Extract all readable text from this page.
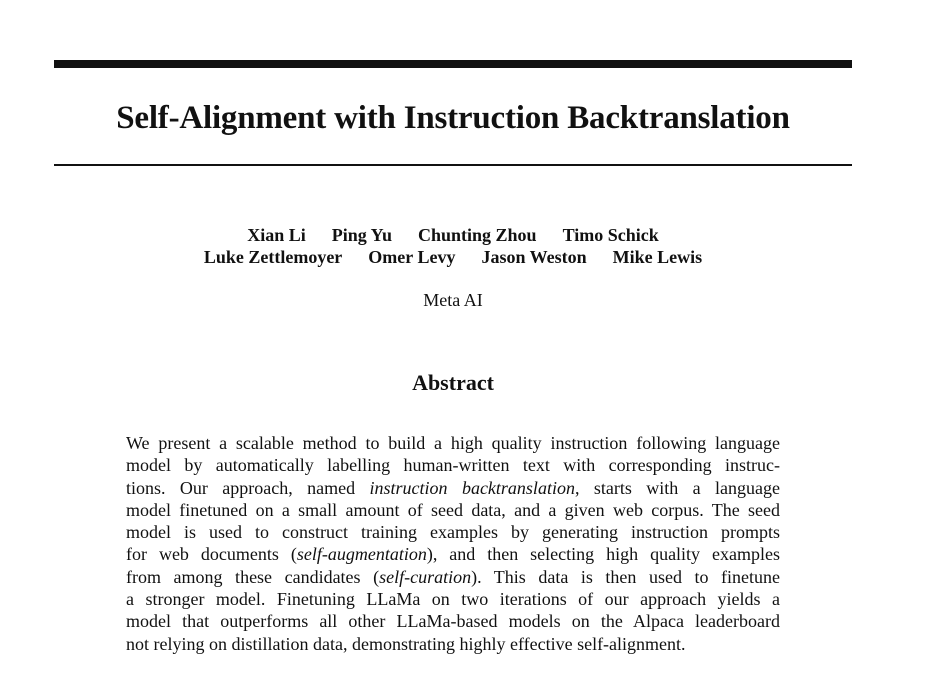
Self-Alignment with Instruction Backtranslation
Xian Li Ping Yu Chunting Zhou Timo Schick
Luke Zettlemoyer Omer Levy Jason Weston Mike Lewis
Meta AI
Abstract
We present a scalable method to build a high quality instruction following language
model by automatically labelling human-written text with corresponding instruc-
tions. Our approach, named instruction backtranslation, starts with a language
model finetuned on a small amount of seed data, and a given web corpus. The seed
model is used to construct training examples by generating instruction prompts
for web documents (self-augmentation), and then selecting high quality examples
from among these candidates (self-curation). This data is then used to finetune
a stronger model. Finetuning LLaMa on two iterations of our approach yields a
model that outperforms all other LLaMa-based models on the Alpaca leaderboard
not relying on distillation data, demonstrating highly effective self-alignment.
